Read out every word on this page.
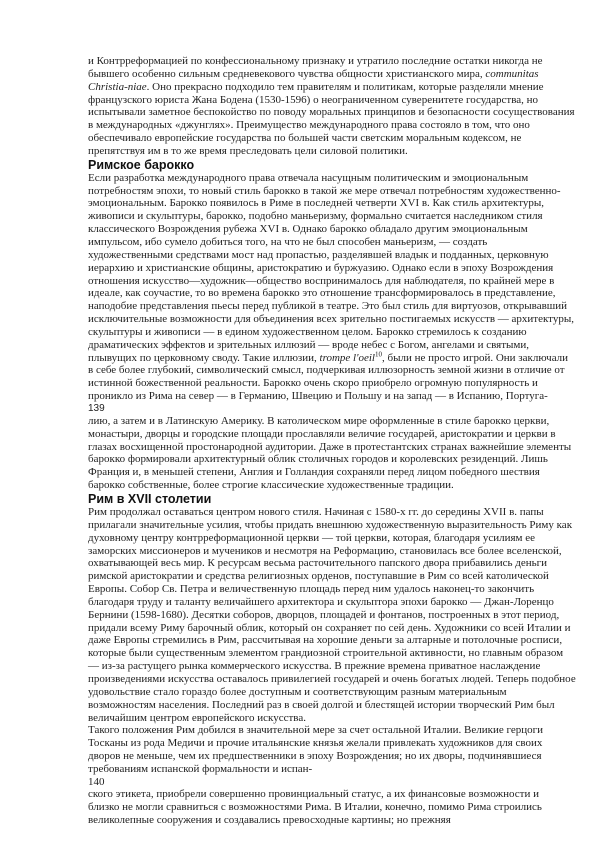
и Контрреформацией по конфессиональному признаку и утратило последние остатки никогда не
бывшего особенно сильным средневекового чувства общности христианского мира, communitas
Christia-niae. Оно прекрасно подходило тем правителям и политикам, которые разделяли мнение
французского юриста Жана Бодена (1530-1596) о неограниченном суверенитете государства, но
испытывали заметное беспокойство по поводу моральных принципов и безопасности сосуществования
в международных «джунглях». Преимущество международного права состояло в том, что оно
обеспечивало европейские государства по большей части светским моральным кодексом, не
препятствуя им в то же время преследовать цели силовой политики.
Римское барокко
Если разработка международного права отвечала насущным политическим и эмоциональным
потребностям эпохи, то новый стиль барокко в такой же мере отвечал потребностям художественно-
эмоциональным. Барокко появилось в Риме в последней четверти XVI в. Как стиль архитектуры,
живописи и скульптуры, барокко, подобно маньеризму, формально считается наследником стиля
классического Возрождения рубежа XVI в. Однако барокко обладало другим эмоциональным
импульсом, ибо сумело добиться того, на что не был способен маньеризм, — создать
художественными средствами мост над пропастью, разделявшей владык и подданных, церковную
иерархию и христианские общины, аристократию и буржуазию. Однако если в эпоху Возрождения
отношения искусство—художник—общество воспринималось для наблюдателя, по крайней мере в
идеале, как соучастие, то во времена барокко это отношение трансформировалось в представление,
наподобие представления пьесы перед публикой в театре. Это был стиль для виртуозов, открывавший
исключительные возможности для объединения всех зрительно постигаемых искусств — архитектуры,
скульптуры и живописи — в едином художественном целом. Барокко стремилось к созданию
драматических эффектов и зрительных иллюзий — вроде небес с Богом, ангелами и святыми,
плывущих по церковному своду. Такие иллюзии, trompe l'oeil$^{10}$, были не просто игрой. Они заключали
в себе более глубокий, символический смысл, подчеркивая иллюзорность земной жизни в отличие от
истинной божественной реальности. Барокко очень скоро приобрело огромную популярность и
проникло из Рима на север — в Германию, Швецию и Польшу и на запад — в Испанию, Португа-
139
лию, а затем и в Латинскую Америку. В католическом мире оформленные в стиле барокко церкви,
монастыри, дворцы и городские площади прославляли величие государей, аристократии и церкви в
глазах восхищенной простонародной аудитории. Даже в протестантских странах важнейшие элементы
барокко формировали архитектурный облик столичных городов и королевских резиденций. Лишь
Франция и, в меньшей степени, Англия и Голландия сохраняли перед лицом победного шествия
барокко собственные, более строгие классические художественные традиции.
Рим в XVII столетии
Рим продолжал оставаться центром нового стиля. Начиная с 1580-х гг. до середины XVII в. папы
прилагали значительные усилия, чтобы придать внешнюю художественную выразительность Риму как
духовному центру контрреформационной церкви — той церкви, которая, благодаря усилиям ее
заморских миссионеров и мучеников и несмотря на Реформацию, становилась все более вселенской,
охватывающей весь мир. К ресурсам весьма расточительного папского двора прибавились деньги
римской аристократии и средства религиозных орденов, поступавшие в Рим со всей католической
Европы. Собор Св. Петра и величественную площадь перед ним удалось наконец-то закончить
благодаря труду и таланту величайшего архитектора и скульптора эпохи барокко — Джан-Лоренцо
Бернини (1598-1680). Десятки соборов, дворцов, площадей и фонтанов, построенных в этот период,
придали всему Риму барочный облик, который он сохраняет по сей день. Художники со всей Италии и
даже Европы стремились в Рим, рассчитывая на хорошие деньги за алтарные и потолочные росписи,
которые были существенным элементом грандиозной строительной активности, но главным образом
— из-за растущего рынка коммерческого искусства. В прежние времена приватное наслаждение
произведениями искусства оставалось привилегией государей и очень богатых людей. Теперь подобное
удовольствие стало гораздо более доступным и соответствующим разным материальным
возможностям населения. Последний раз в своей долгой и блестящей истории творческий Рим был
величайшим центром европейского искусства.
Такого положения Рим добился в значительной мере за счет остальной Италии. Великие герцоги
Тосканы из рода Медичи и прочие итальянские князья желали привлекать художников для своих
дворов не меньше, чем их предшественники в эпоху Возрождения; но их дворы, подчинявшиеся
требованиям испанской формальности и испан-
140
ского этикета, приобрели совершенно провинциальный статус, а их финансовые возможности и
близко не могли сравниться с возможностями Рима. В Италии, конечно, помимо Рима строились
великолепные сооружения и создавались превосходные картины; но прежняя
